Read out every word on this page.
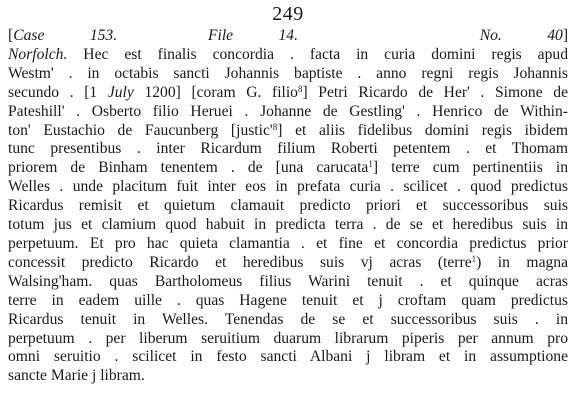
249
[Case 153.	File 14.	No. 40]
Norfolch. Hec est finalis concordia . facta in curia domini regis apud
Westm' . in octabis sancti Johannis baptiste . anno regni regis Johannis
secundo . [1 July 1200] [coram G. filio$^8$] Petri Ricardo de Her' . Simone de
Pateshill' . Osberto filio Heruei . Johanne de Gestling' . Henrico de Within-
ton' Eustachio de Faucunberg $[justic'^8]$ et aliis fidelibus domini regis ibidem
tunc presentibus . inter Ricardum filium Roberti petentem . et Thomam
priorem de Binham tenentem . de [una carucata$^1$] terre cum pertinentiis in
Welles . unde placitum fuit inter eos in prefata curia . scilicet . quod predictus
Ricardus remisit et quietum clamauit predicto priori et successoribus suis
totum jus et clamium quod habuit in predicta terra . de se et heredibus suis in
perpetuum. Et pro hac quieta clamantia . et fine et concordia predictus prior
concessit predicto Ricardo et heredibus suis vj acras (terre$^1$) in magna
Walsing'ham. quas Bartholomeus filius Warini tenuit . et quinque acras
terre in eadem uille . quas Hagene tenuit et j croftam quam predictus
Ricardus tenuit in Welles. Tenendas de se et successoribus suis . in
perpetuum . per liberum seruitium duarum librarum piperis per annum pro
omni seruitio . scilicet in festo sancti Albani j libram et in assumptione
sancte Marie j libram.
